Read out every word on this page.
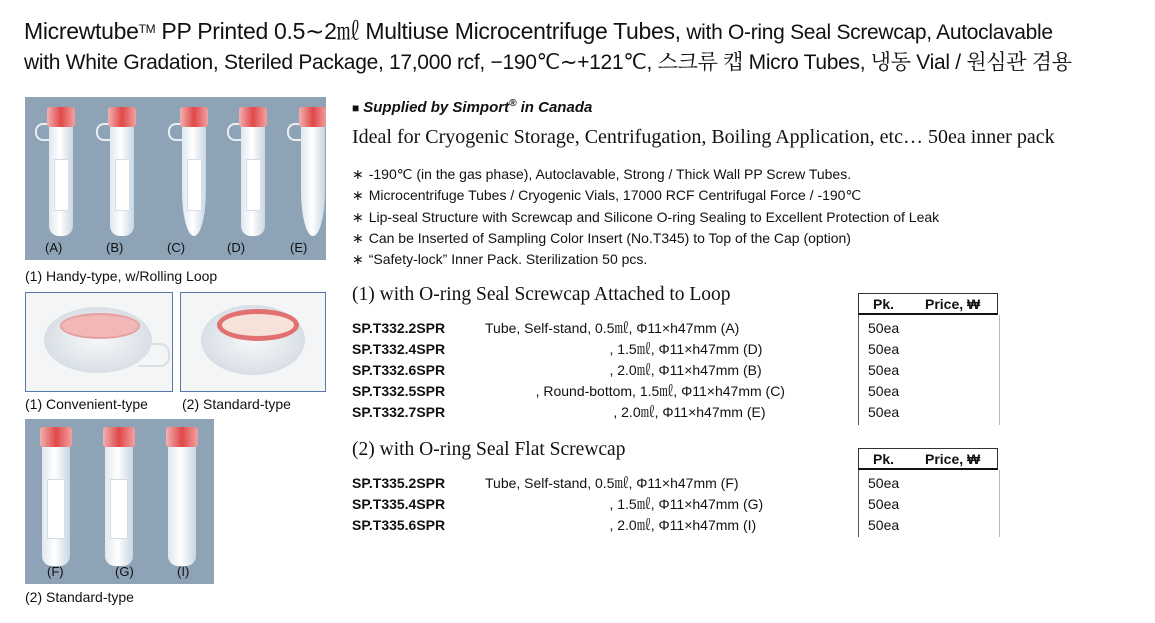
Micrewtube™ PP Printed 0.5∼2㎖ Multiuse Microcentrifuge Tubes, with O-ring Seal Screwcap, Autoclavable
with White Gradation, Steriled Package, 17,000 rcf, −190℃∼+121℃, 스크류 캡 Micro Tubes, 냉동 Vial / 원심관 겸용
(A)	(B)	(C)	(D)	(E)
(1) Handy-type, w/Rolling Loop
(1) Convenient-type (2) Standard-type
(F)	(G)	(I)
(2) Standard-type
■ Supplied by Simport® in Canada
Ideal for Cryogenic Storage, Centrifugation, Boiling Application, etc… 50ea inner pack
∗ -190℃ (in the gas phase), Autoclavable, Strong / Thick Wall PP Screw Tubes.
∗ Microcentrifuge Tubes / Cryogenic Vials, 17000 RCF Centrifugal Force / -190℃
∗ Lip-seal Structure with Screwcap and Silicone O-ring Sealing to Excellent Protection of Leak
∗ Can be Inserted of Sampling Color Insert (No.T345) to Top of the Cap (option)
∗ “Safety-lock” Inner Pack. Sterilization 50 pcs.
(1) with O-ring Seal Screwcap Attached to Loop	Pk. Price, ₩
SP.T332.2SPR	Tube, Self-stand, 0.5㎖, Φ11×h47mm (A)	50ea
SP.T332.4SPR	, 1.5㎖, Φ11×h47mm (D)	50ea
SP.T332.6SPR	, 2.0㎖, Φ11×h47mm (B)	50ea
SP.T332.5SPR	, Round-bottom, 1.5㎖, Φ11×h47mm (C)	50ea
SP.T332.7SPR	, 2.0㎖, Φ11×h47mm (E)	50ea
(2) with O-ring Seal Flat Screwcap	Pk. Price, ₩
SP.T335.2SPR	Tube, Self-stand, 0.5㎖, Φ11×h47mm (F)	50ea
SP.T335.4SPR	, 1.5㎖, Φ11×h47mm (G)	50ea
SP.T335.6SPR	, 2.0㎖, Φ11×h47mm (I)	50ea
